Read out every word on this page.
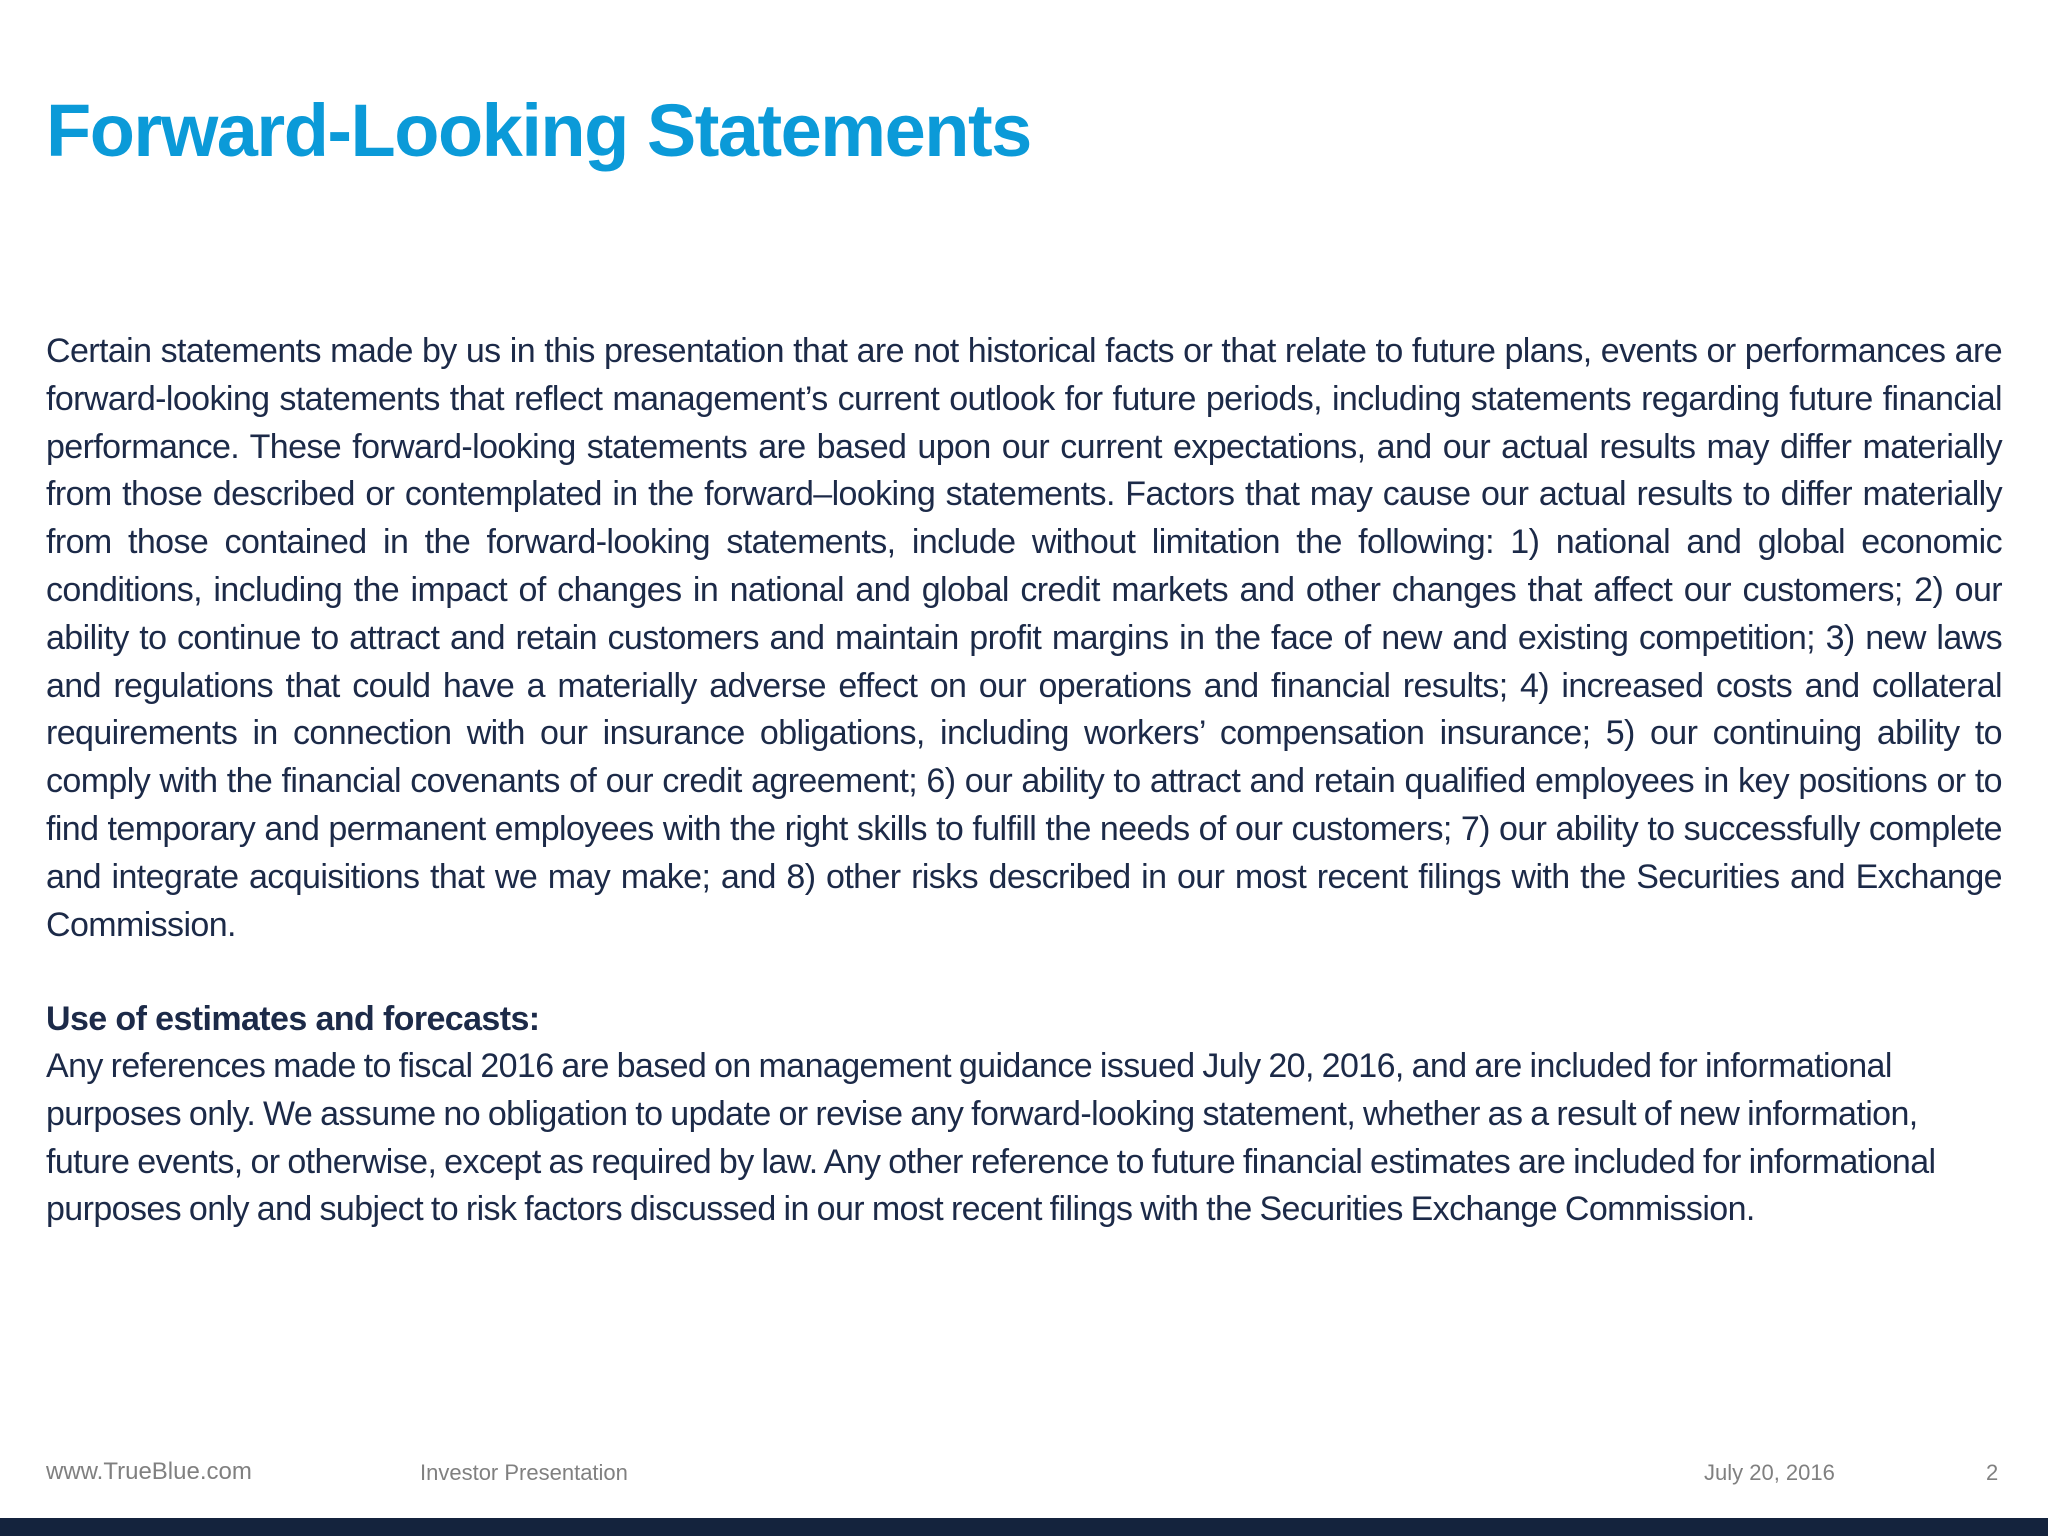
Forward-Looking Statements

Certain statements made by us in this presentation that are not historical facts or that relate to future plans, events or performances are forward-looking statements that reflect management’s current outlook for future periods, including statements regarding future financial performance. These forward-looking statements are based upon our current expectations, and our actual results may differ materially from those described or contemplated in the forward–looking statements. Factors that may cause our actual results to differ materially from those contained in the forward-looking statements, include without limitation the following: 1) national and global economic conditions, including the impact of changes in national and global credit markets and other changes that affect our customers; 2) our ability to continue to attract and retain customers and maintain profit margins in the face of new and existing competition; 3) new laws and regulations that could have a materially adverse effect on our operations and financial results; 4) increased costs and collateral requirements in connection with our insurance obligations, including workers’ compensation insurance; 5) our continuing ability to comply with the financial covenants of our credit agreement; 6) our ability to attract and retain qualified employees in key positions or to find temporary and permanent employees with the right skills to fulfill the needs of our customers; 7) our ability to successfully complete and integrate acquisitions that we may make; and 8) other risks described in our most recent filings with the Securities and Exchange Commission.

Use of estimates and forecasts:

Any references made to fiscal 2016 are based on management guidance issued July 20, 2016, and are included for informational purposes only. We assume no obligation to update or revise any forward-looking statement, whether as a result of new information, future events, or otherwise, except as required by law. Any other reference to future financial estimates are included for informational purposes only and subject to risk factors discussed in our most recent filings with the Securities Exchange Commission.

www.TrueBlue.com	Investor Presentation	July 20, 2016	2
